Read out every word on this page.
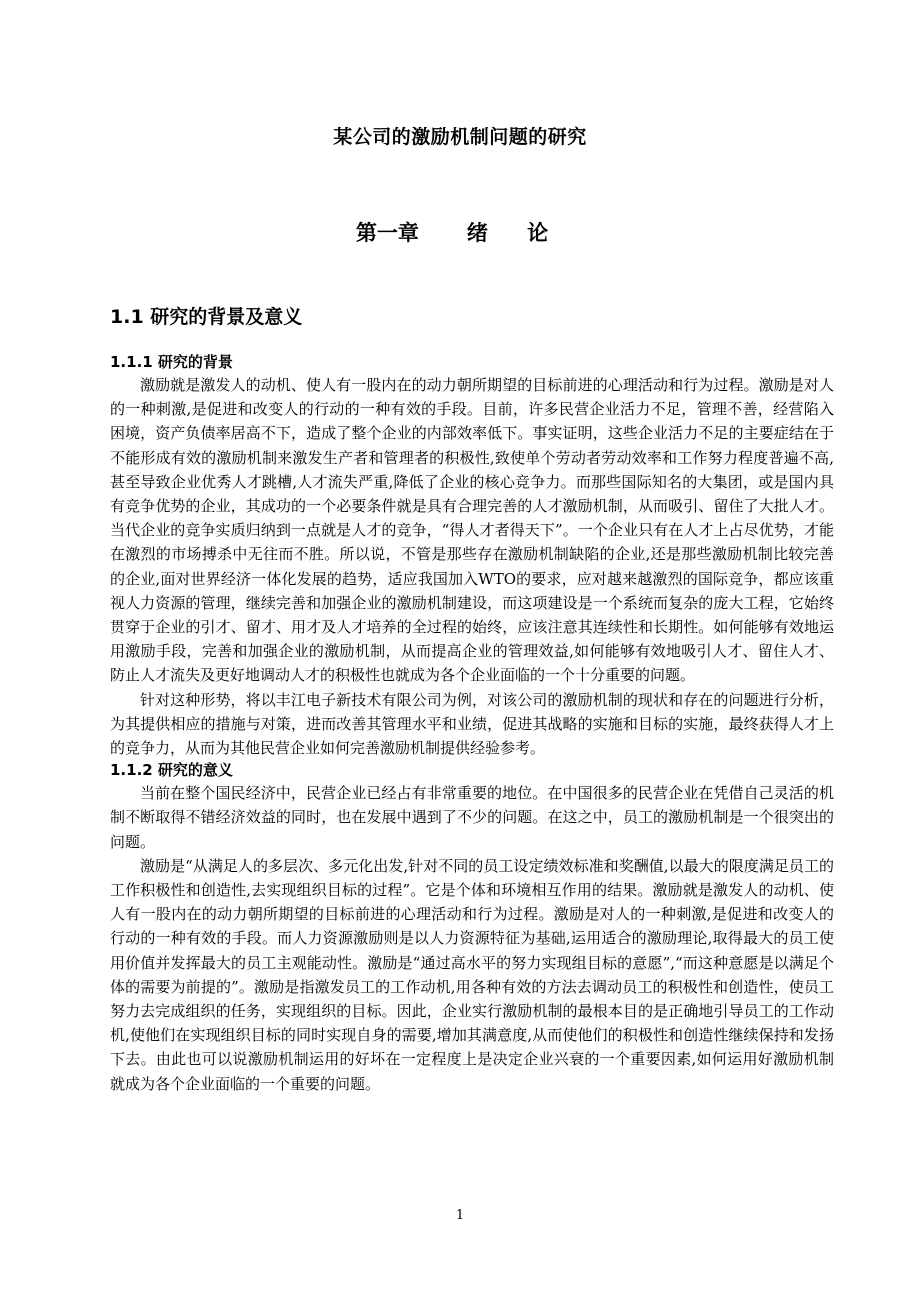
某公司的激励机制问题的研究
第一章 绪 论
1.1 研究的背景及意义
1.1.1 研究的背景

激励就是激发人的动机、使人有一股内在的动力朝所期望的目标前进的心理活动和行为过程。激励是对人的一种刺激,是促进和改变人的行动的一种有效的手段。目前，许多民营企业活力不足，管理不善，经营陷入困境，资产负债率居高不下，造成了整个企业的内部效率低下。事实证明，这些企业活力不足的主要症结在于不能形成有效的激励机制来激发生产者和管理者的积极性,致使单个劳动者劳动效率和工作努力程度普遍不高,甚至导致企业优秀人才跳槽,人才流失严重,降低了企业的核心竞争力。而那些国际知名的大集团，或是国内具有竞争优势的企业，其成功的一个必要条件就是具有合理完善的人才激励机制，从而吸引、留住了大批人才。当代企业的竞争实质归纳到一点就是人才的竞争，“得人才者得天下”。一个企业只有在人才上占尽优势，才能在激烈的市场搏杀中无往而不胜。所以说，不管是那些存在激励机制缺陷的企业,还是那些激励机制比较完善的企业,面对世界经济一体化发展的趋势，适应我国加入WTO的要求，应对越来越激烈的国际竞争，都应该重视人力资源的管理，继续完善和加强企业的激励机制建设，而这项建设是一个系统而复杂的庞大工程，它始终贯穿于企业的引才、留才、用才及人才培养的全过程的始终，应该注意其连续性和长期性。如何能够有效地运用激励手段，完善和加强企业的激励机制，从而提高企业的管理效益,如何能够有效地吸引人才、留住人才、防止人才流失及更好地调动人才的积极性也就成为各个企业面临的一个十分重要的问题。

针对这种形势，将以丰江电子新技术有限公司为例，对该公司的激励机制的现状和存在的问题进行分析，为其提供相应的措施与对策，进而改善其管理水平和业绩，促进其战略的实施和目标的实施，最终获得人才上的竞争力，从而为其他民营企业如何完善激励机制提供经验参考。

1.1.2 研究的意义

当前在整个国民经济中，民营企业已经占有非常重要的地位。在中国很多的民营企业在凭借自己灵活的机制不断取得不错经济效益的同时，也在发展中遇到了不少的问题。在这之中，员工的激励机制是一个很突出的问题。

激励是“从满足人的多层次、多元化出发,针对不同的员工设定绩效标准和奖酬值,以最大的限度满足员工的工作积极性和创造性,去实现组织目标的过程”。它是个体和环境相互作用的结果。激励就是激发人的动机、使人有一股内在的动力朝所期望的目标前进的心理活动和行为过程。激励是对人的一种刺激,是促进和改变人的行动的一种有效的手段。而人力资源激励则是以人力资源特征为基础,运用适合的激励理论,取得最大的员工使用价值并发挥最大的员工主观能动性。激励是“通过高水平的努力实现组目标的意愿”,“而这种意愿是以满足个体的需要为前提的”。激励是指激发员工的工作动机,用各种有效的方法去调动员工的积极性和创造性，使员工努力去完成组织的任务，实现组织的目标。因此，企业实行激励机制的最根本目的是正确地引导员工的工作动机,使他们在实现组织目标的同时实现自身的需要,增加其满意度,从而使他们的积极性和创造性继续保持和发扬下去。由此也可以说激励机制运用的好坏在一定程度上是决定企业兴衰的一个重要因素,如何运用好激励机制就成为各个企业面临的一个重要的问题。

1
